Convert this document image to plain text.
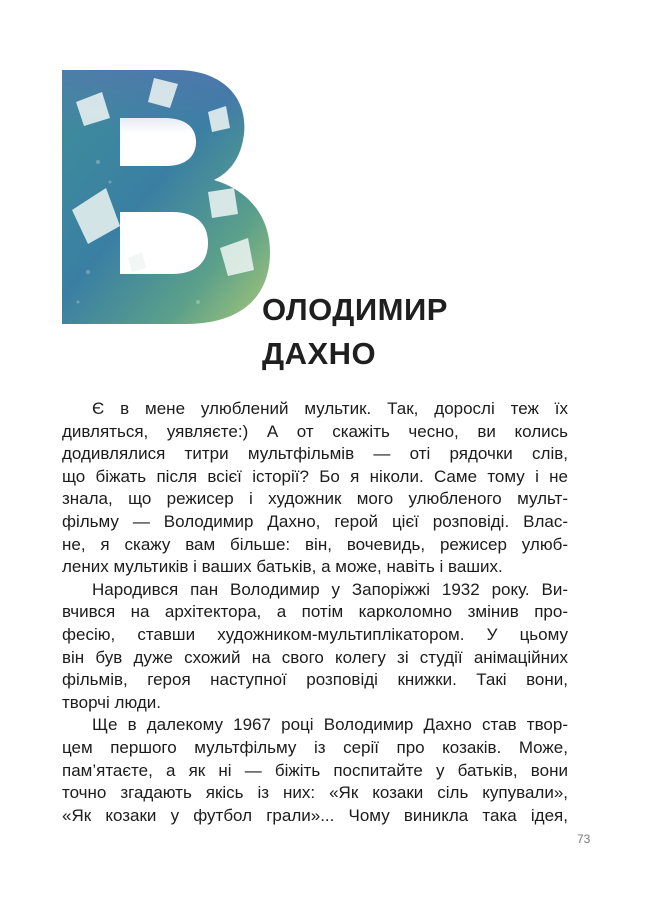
ОЛОДИМИР
ДАХНО

Є в мене улюблений мультик. Так, дорослі теж їх
дивляться, уявляєте:) А от скажіть чесно, ви колись
додивлялися титри мультфільмів — оті рядочки слів,
що біжать після всієї історії? Бо я ніколи. Саме тому і не
знала, що режисер і художник мого улюбленого мульт-
фільму — Володимир Дахно, герой цієї розповіді. Влас-
не, я скажу вам більше: він, вочевидь, режисер улюб-
лених мультиків і ваших батьків, а може, навіть і ваших.

Народився пан Володимир у Запоріжжі 1932 року. Ви-
вчився на архітектора, а потім карколомно змінив про-
фесію, ставши художником-мультиплікатором. У цьому
він був дуже схожий на свого колегу зі студії анімаційних
фільмів, героя наступної розповіді книжки. Такі вони,
творчі люди.

Ще в далекому 1967 році Володимир Дахно став твор-
цем першого мультфільму із серії про козаків. Може,
пам’ятаєте, а як ні — біжіть поспитайте у батьків, вони
точно згадають якісь із них: «Як козаки сіль купували»,
«Як козаки у футбол грали»... Чому виникла така ідея,

73
